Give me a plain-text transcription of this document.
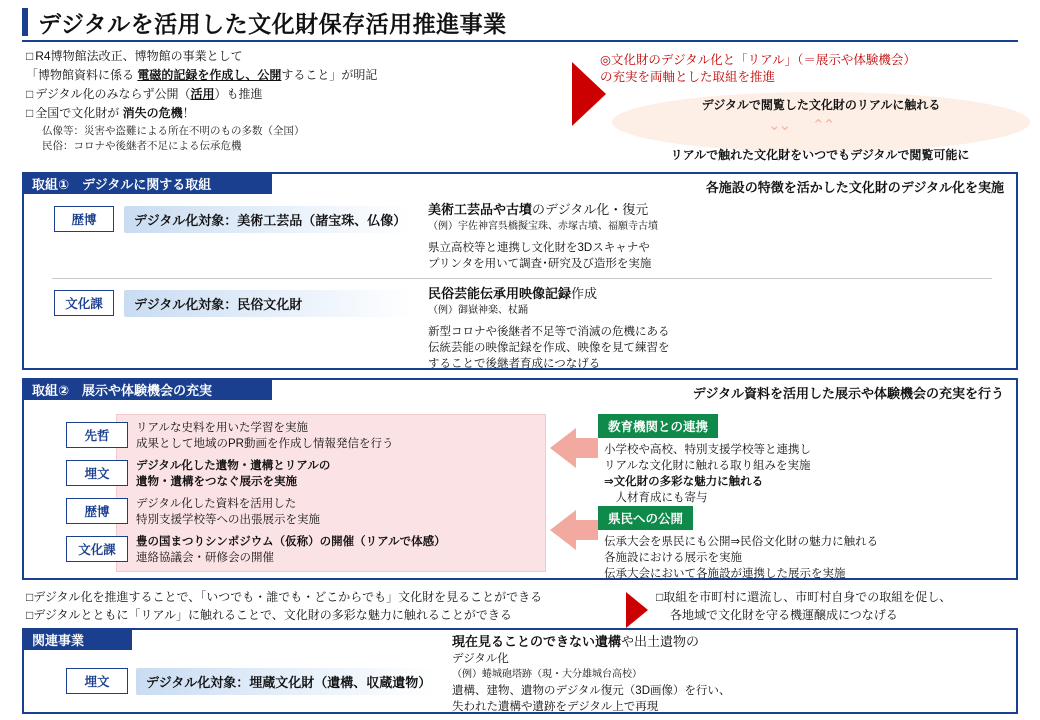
デジタルを活用した文化財保存活用推進事業
□ R4博物館法改正、博物館の事業として
「博物館資料に係る 電磁的記録を作成し、公開すること」が明記
□ デジタル化のみならず公開（活用）も推進
□ 全国で文化財が 消失の危機！
仏像等：災害や盗難による所在不明のもの多数（全国）
民俗：コロナや後継者不足による伝承危機
◎文化財のデジタル化と「リアル」（＝展示や体験機会）
の充実を両軸とした取組を推進
デジタルで閲覧した文化財のリアルに触れる
⌄⌄ ⌃⌃
リアルで触れた文化財をいつでもデジタルで閲覧可能に
取組①　デジタルに関する取組	各施設の特徴を活かした文化財のデジタル化を実施
歴博	デジタル化対象：美術工芸品（諸宝珠、仏像）
美術工芸品や古墳のデジタル化・復元
（例）宇佐神宮呉橋擬宝珠、赤塚古墳、福願寺古墳
県立高校等と連携し文化財を3Dスキャナや
プリンタを用いて調査･研究及び造形を実施
文化課	デジタル化対象：民俗文化財
民俗芸能伝承用映像記録作成
（例）御嶽神楽、杖踊
新型コロナや後継者不足等で消滅の危機にある
伝統芸能の映像記録を作成、映像を見て練習を
することで後継者育成につなげる
取組②　展示や体験機会の充実	デジタル資料を活用した展示や体験機会の充実を行う
先哲
リアルな史料を用いた学習を実施
成果として地域のPR動画を作成し情報発信を行う
埋文
デジタル化した遺物・遺構とリアルの
遺物・遺構をつなぐ展示を実施
歴博
デジタル化した資料を活用した
特別支援学校等への出張展示を実施
文化課
豊の国まつりシンポジウム（仮称）の開催（リアルで体感）
連絡協議会・研修会の開催
教育機関との連携
小学校や高校、特別支援学校等と連携し
リアルな文化財に触れる取り組みを実施
⇒文化財の多彩な魅力に触れる
　人材育成にも寄与
県民への公開
伝承大会を県民にも公開⇒民俗文化財の魅力に触れる
各施設における展示を実施
伝承大会において各施設が連携した展示を実施
□デジタル化を推進することで、「いつでも・誰でも・どこからでも」文化財を見ることができる
□デジタルとともに「リアル」に触れることで、文化財の多彩な魅力に触れることができる
□取組を市町村に還流し、市町村自身での取組を促し、
各地域で文化財を守る機運醸成につなげる
関連事業
埋文	デジタル化対象：埋蔵文化財（遺構、収蔵遺物）
現在見ることのできない遺構や出土遺物の
デジタル化
（例）蜷城砲塔跡（現・大分雄城台高校）
遺構、建物、遺物のデジタル復元（3D画像）を行い、
失われた遺構や遺跡をデジタル上で再現
